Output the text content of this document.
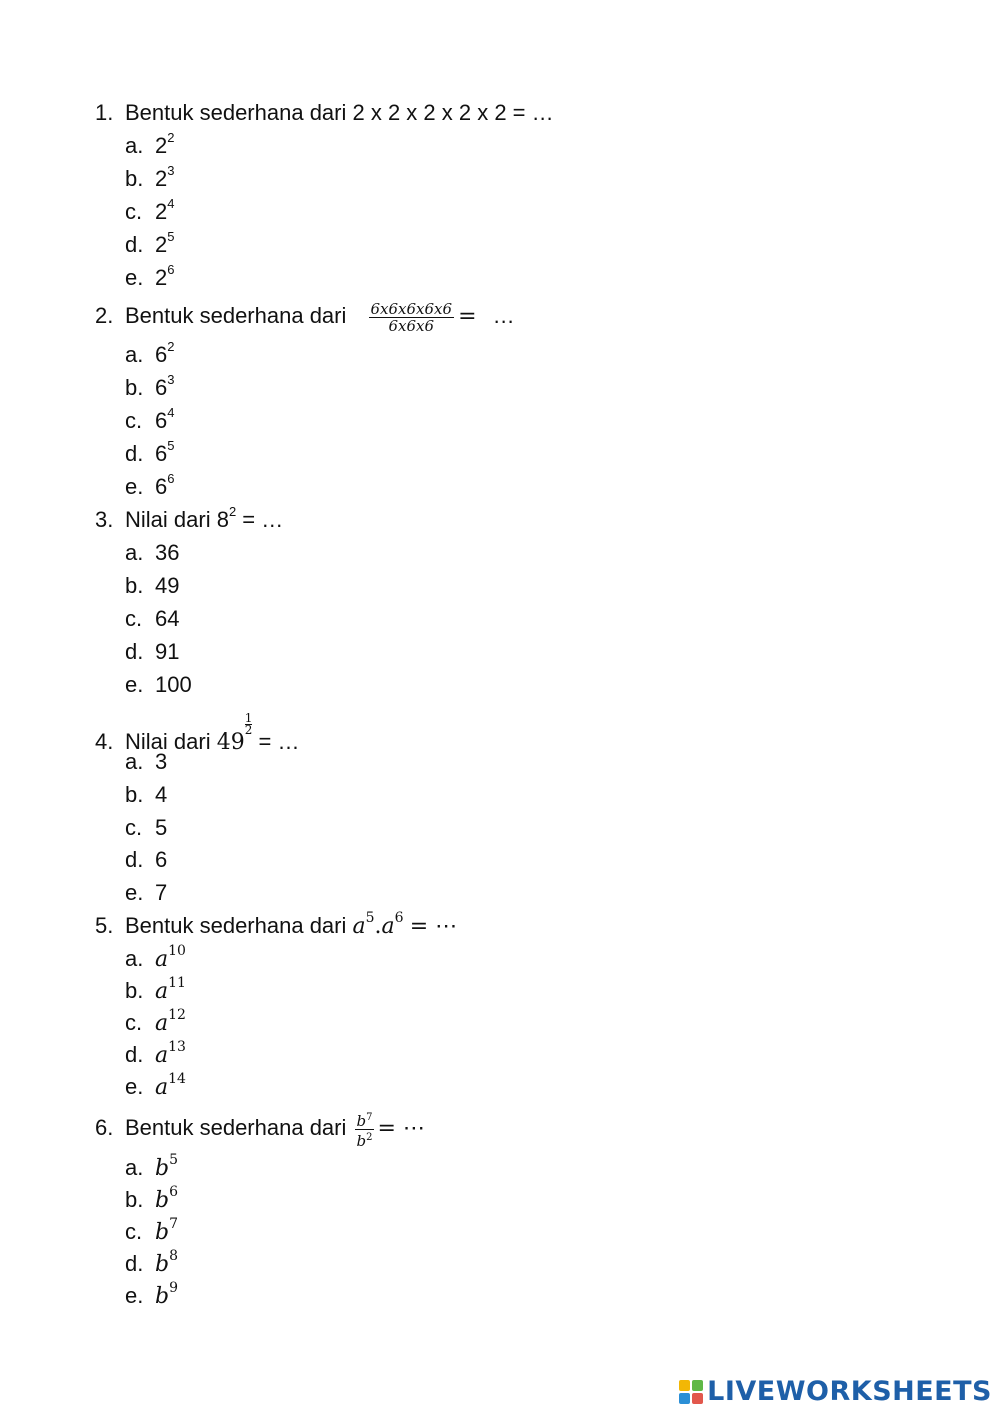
1. Bentuk sederhana dari 2 x 2 x 2 x 2 x 2 = …
a. $2^2$
b. $2^3$
c. $2^4$
d. $2^5$
e. $2^6$
2. Bentuk sederhana dari $\frac{6x6x6x6x6}{6x6x6}$ = …
a. $6^2$
b. $6^3$
c. $6^4$
d. $6^5$
e. $6^6$
3. Nilai dari $8^2$ = …
a. 36
b. 49
c. 64
d. 91
e. 100
4. Nilai dari 49
$\frac{1}{2}$
= …
a. 3
b. 4
c. 5
d. 6
e. 7
5. Bentuk sederhana dari $a^5.a^6$ = ⋯
a. $a^{10}$
b. $a^{11}$
c. $a^{12}$
d. $a^{13}$
e. $a^{14}$
6. Bentuk sederhana dari $\frac{b^7}{b^2}$ = ⋯
a. $b^5$
b. $b^6$
c. $b^7$
d. $b^8$
e. $b^9$
LIVEWORKSHEETS
